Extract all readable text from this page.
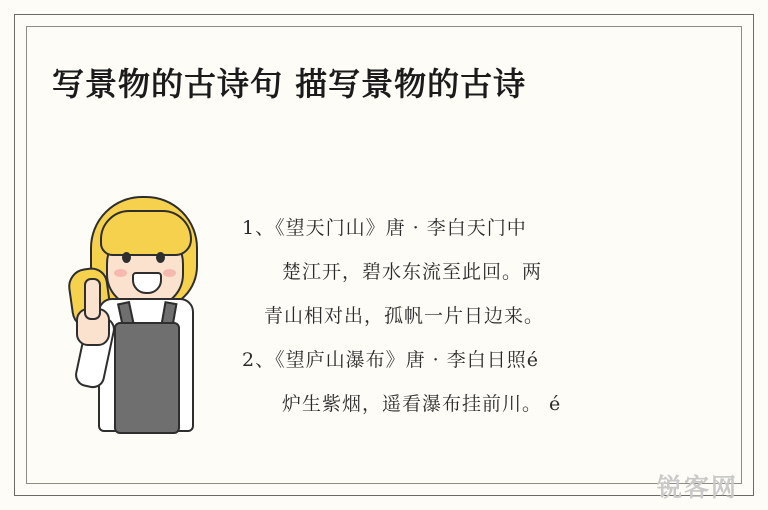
写景物的古诗句 描写景物的古诗
1、《望天门山》唐 · 李白天门中
楚江开，碧水东流至此回。两
青山相对出，孤帆一片日边来。
2、《望庐山瀑布》唐 · 李白日照é
炉生紫烟，遥看瀑布挂前川。 é
锐客网
